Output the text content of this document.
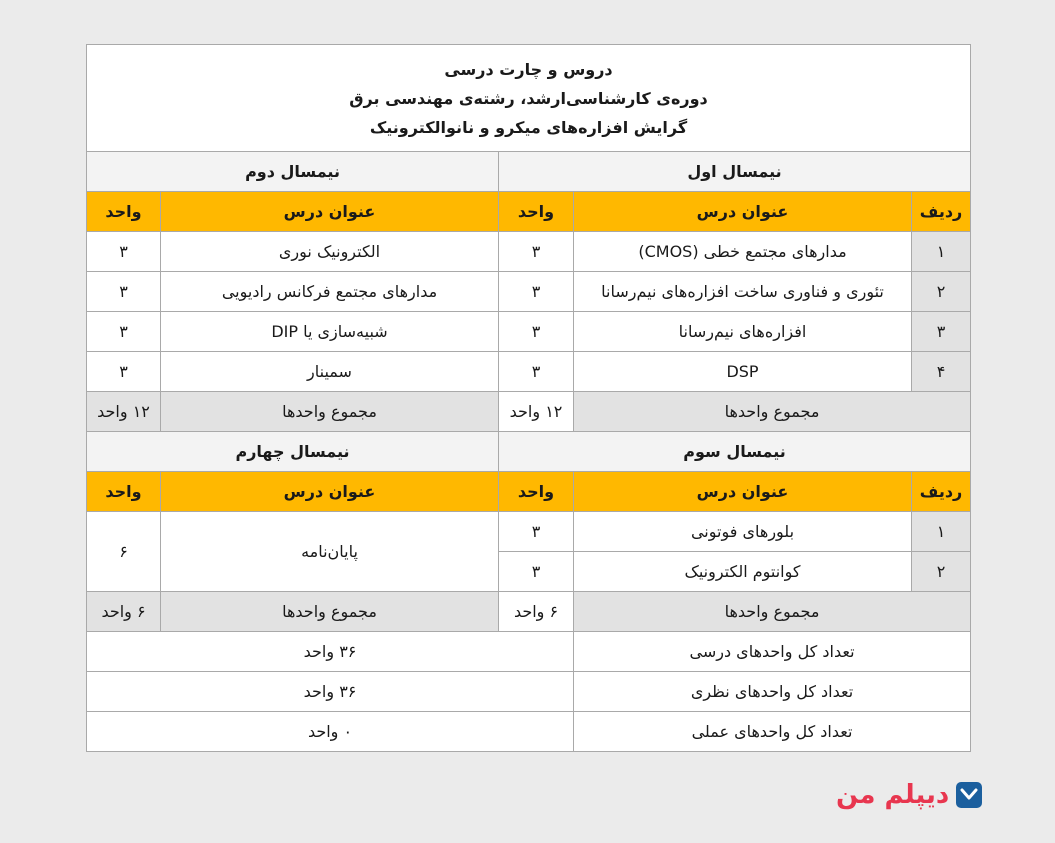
دروس و چارت درسی
دوره‌ی کارشناسی‌ارشد، رشته‌ی مهندسی برق
گرایش افزاره‌های میکرو و نانوالکترونیک				

نیمسال اول			نیمسال دوم	
ردیف	عنوان درس	واحد	عنوان درس	واحد
۱	مدارهای مجتمع خطی (CMOS)	۳	الکترونیک نوری	۳
۲	تئوری و فناوری ساخت افزاره‌های نیم‌رسانا	۳	مدارهای مجتمع فرکانس رادیویی	۳
۳	افزاره‌های نیم‌رسانا	۳	شبیه‌سازی یا DIP	۳
۴	DSP	۳	سمینار	۳
مجموع واحدها		۱۲ واحد	مجموع واحدها	۱۲ واحد
نیمسال سوم			نیمسال چهارم	
ردیف	عنوان درس	واحد	عنوان درس	واحد
۱	بلورهای فوتونی	۳	پایان‌نامه	۶
۲	کوانتوم الکترونیک	۳		
مجموع واحدها		۶ واحد	مجموع واحدها	۶ واحد
تعداد کل واحدهای درسی		۳۶ واحد		
تعداد کل واحدهای نظری		۳۶ واحد		
تعداد کل واحدهای عملی		۰ واحد		
دیپلم من
